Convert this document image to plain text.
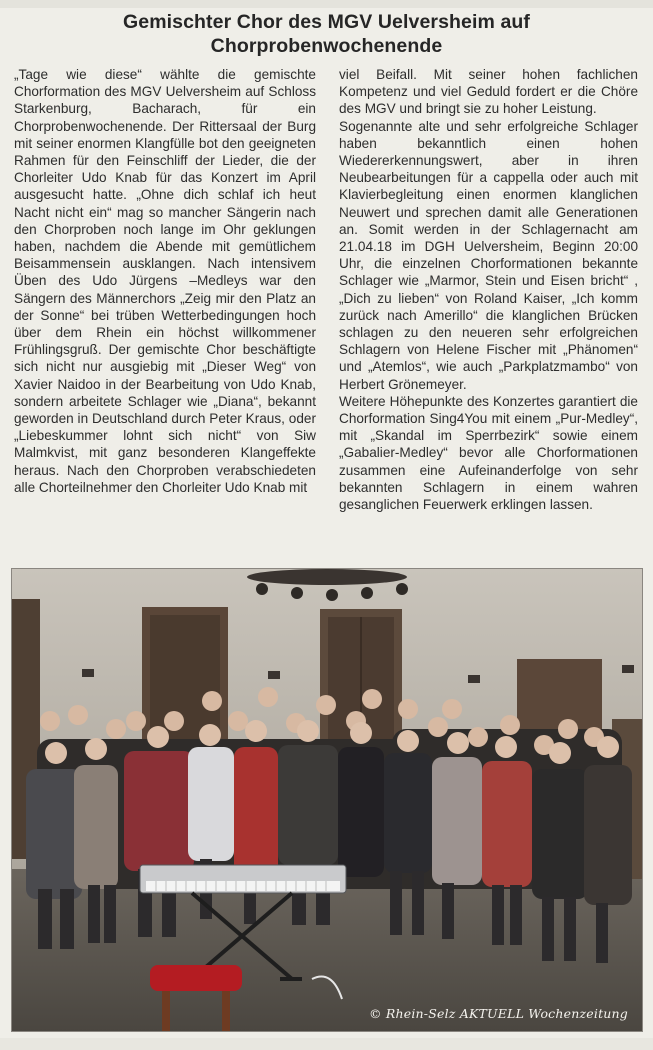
Gemischter Chor des MGV Uelversheim auf
Chorprobenwochenende

„Tage wie diese“ wählte die gemischte Chorformation des MGV Uelversheim auf Schloss Starkenburg, Bacharach, für ein Chorprobenwochenende. Der Rittersaal der Burg mit seiner enormen Klangfülle bot den geeigneten Rahmen für den Feinschliff der Lieder, die der Chorleiter Udo Knab für das Konzert im April ausgesucht hatte. „Ohne dich schlaf ich heut Nacht nicht ein“ mag so mancher Sängerin nach den Chorproben noch lange im Ohr geklungen haben, nachdem die Abende mit gemütlichem Beisammensein ausklangen. Nach intensivem Üben des Udo Jürgens –Medleys war den Sängern des Männerchors „Zeig mir den Platz an der Sonne“ bei trüben Wetterbedingungen hoch über dem Rhein ein höchst willkommener Frühlingsgruß. Der gemischte Chor beschäftigte sich nicht nur ausgiebig mit „Dieser Weg“ von Xavier Naidoo in der Bearbeitung von Udo Knab, sondern arbeitete Schlager wie „Diana“, bekannt geworden in Deutschland durch Peter Kraus, oder „Liebeskummer lohnt sich nicht“ von Siw Malmkvist, mit ganz besonderen Klangeffekte heraus. Nach den Chorproben verabschiedeten alle Chorteilnehmer den Chorleiter Udo Knab mit

viel Beifall. Mit seiner hohen fachlichen Kompetenz und viel Geduld fordert er die Chöre des MGV und bringt sie zu hoher Leistung.

Sogenannte alte und sehr erfolgreiche Schlager haben bekanntlich einen hohen Wiedererkennungswert, aber in ihren Neubearbeitungen für a cappella oder auch mit Klavierbegleitung einen enormen klanglichen Neuwert und sprechen damit alle Generationen an. Somit werden in der Schlagernacht am 21.04.18 im DGH Uelversheim, Beginn 20:00 Uhr, die einzelnen Chorformationen bekannte Schlager wie „Marmor, Stein und Eisen bricht“ , „Dich zu lieben“ von Roland Kaiser, „Ich komm zurück nach Amerillo“ die klanglichen Brücken schlagen zu den neueren sehr erfolgreichen Schlagern von Helene Fischer mit „Phänomen“ und „Atemlos“, wie auch „Parkplatzmambo“ von Herbert Grönemeyer.

Weitere Höhepunkte des Konzertes garantiert die Chorformation Sing4You mit einem „Pur-Medley“, mit „Skandal im Sperrbezirk“ sowie einem „Gabalier-Medley“ bevor alle Chorformationen zusammen eine Aufeinanderfolge von sehr bekannten Schlagern in einem wahren gesanglichen Feuerwerk erklingen lassen.

© Rhein-Selz AKTUELL Wochenzeitung
